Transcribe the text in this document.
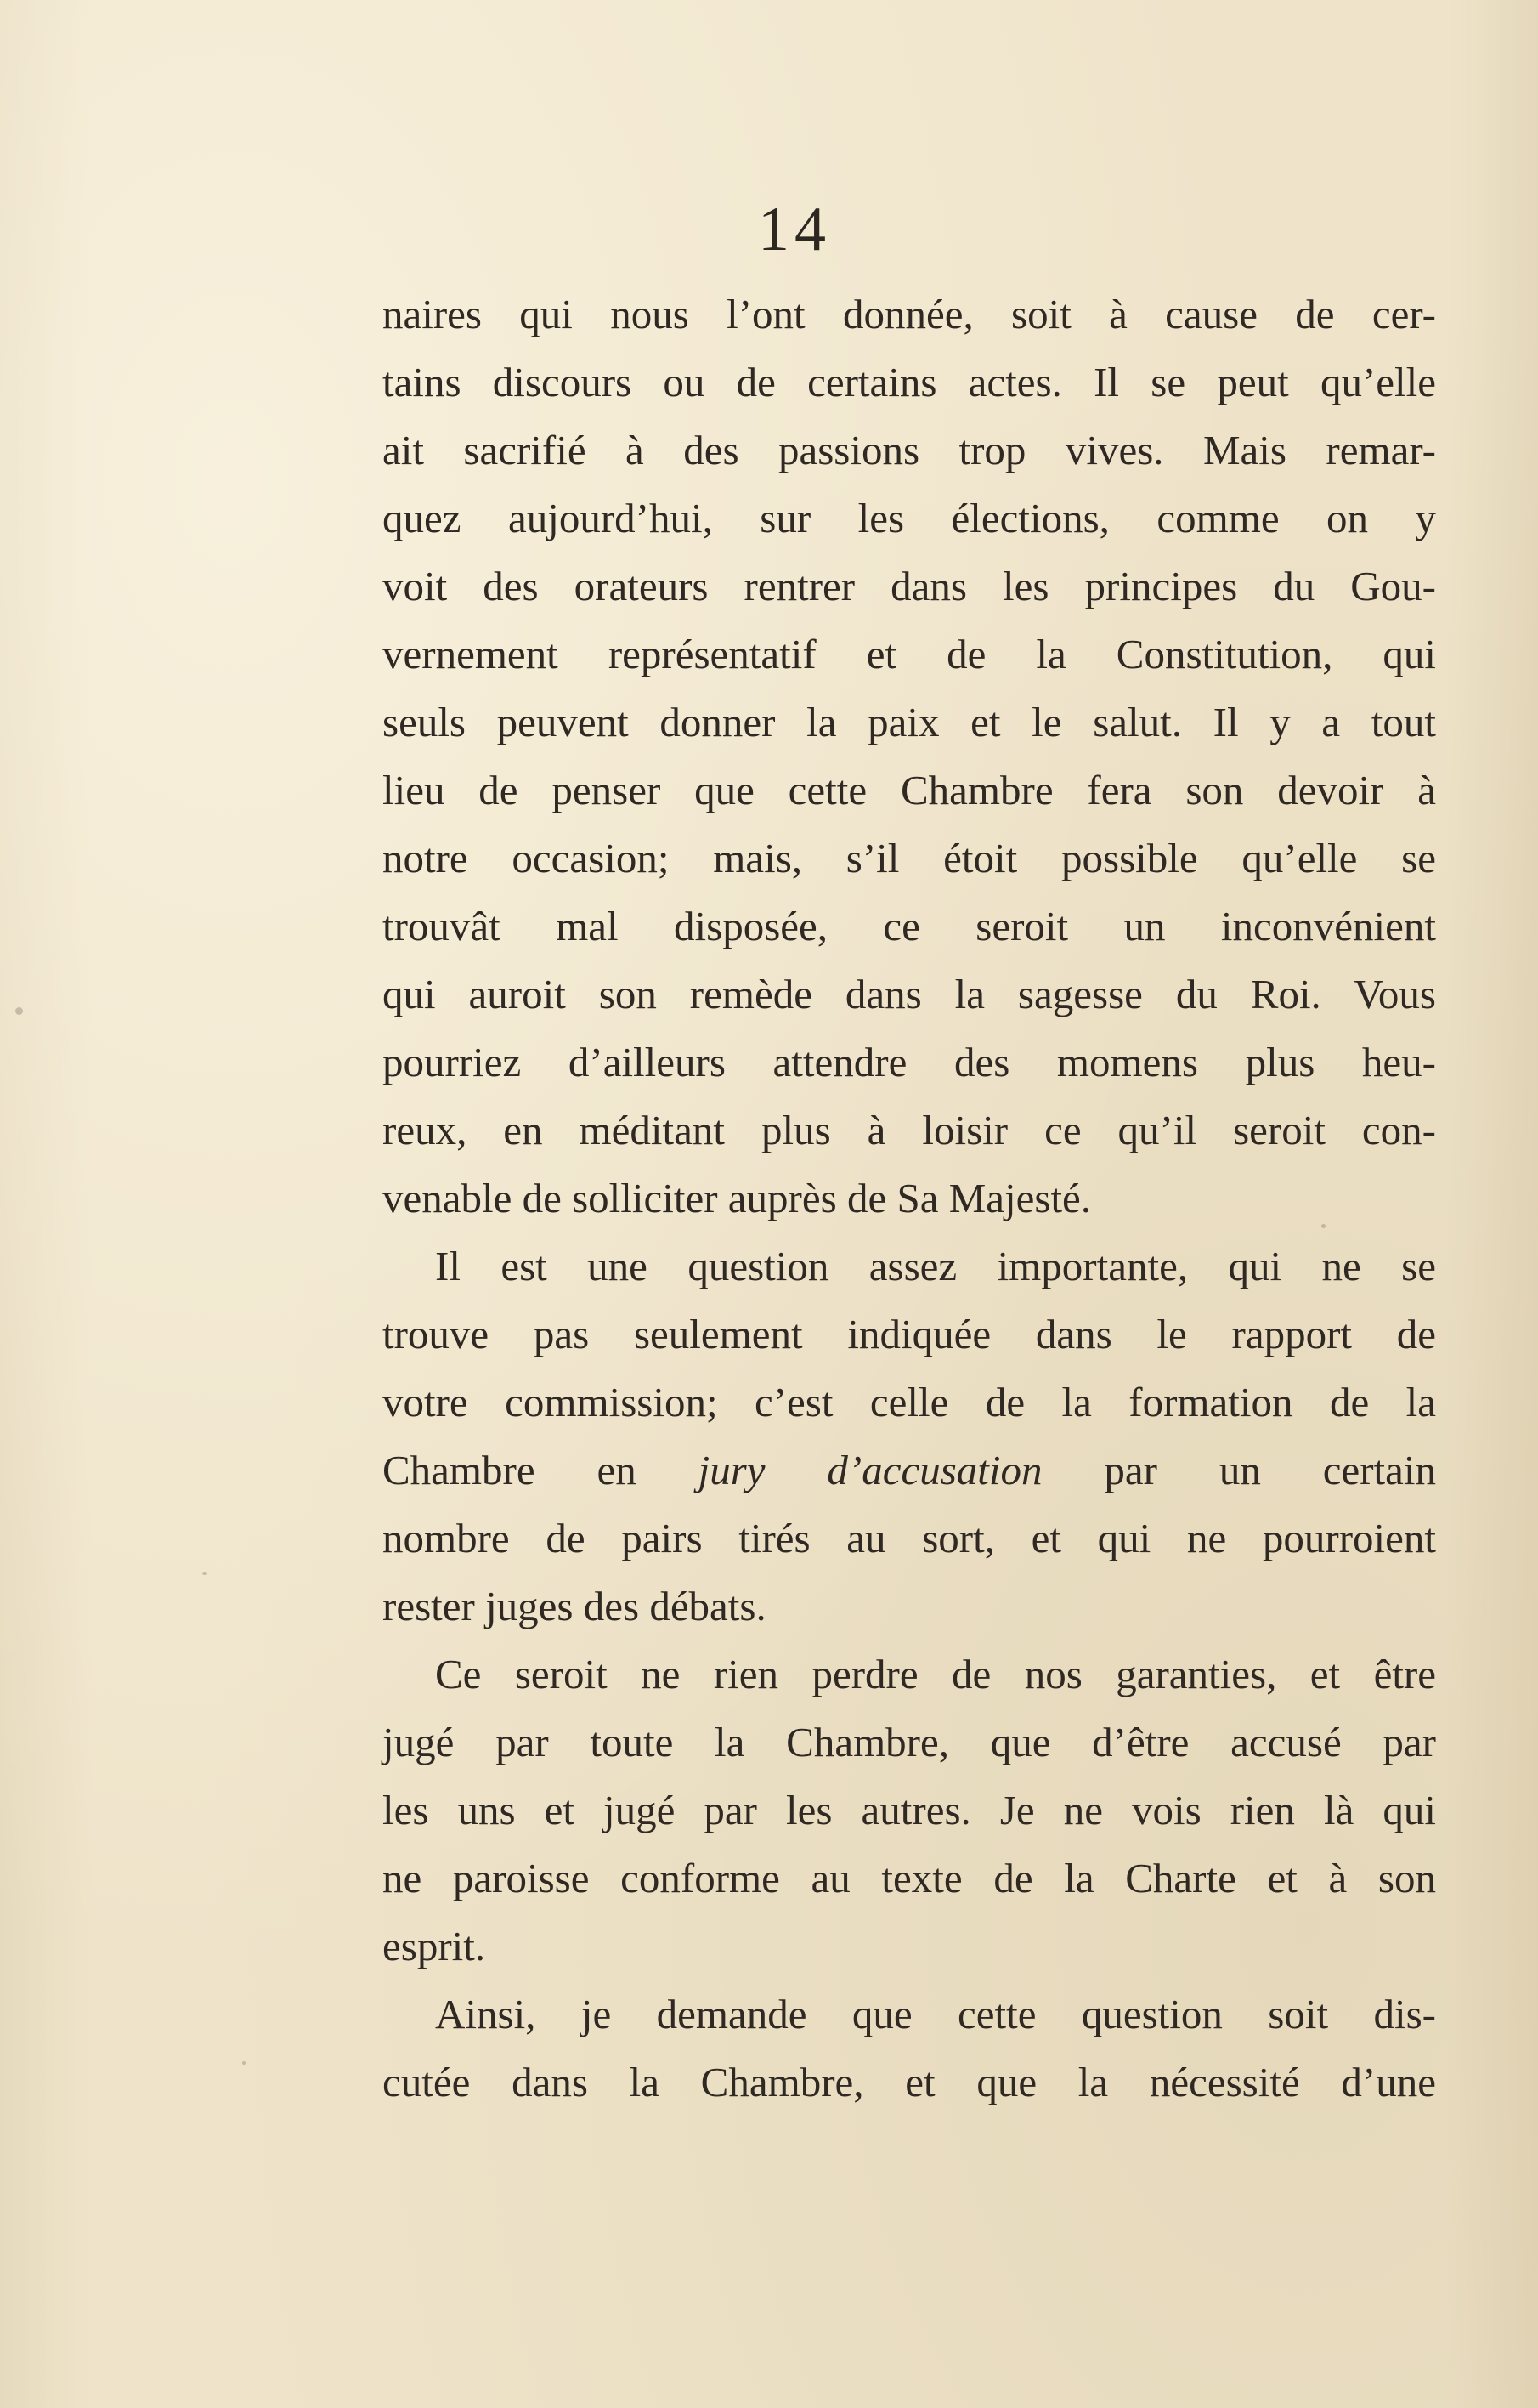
14
naires qui nous l’ont donnée, soit à cause de cer-
tains discours ou de certains actes. Il se peut qu’elle
ait sacrifié à des passions trop vives. Mais remar-
quez aujourd’hui, sur les élections, comme on y
voit des orateurs rentrer dans les principes du Gou-
vernement représentatif et de la Constitution, qui
seuls peuvent donner la paix et le salut. Il y a tout
lieu de penser que cette Chambre fera son devoir à
notre occasion; mais, s’il étoit possible qu’elle se
trouvât mal disposée, ce seroit un inconvénient
qui auroit son remède dans la sagesse du Roi. Vous
pourriez d’ailleurs attendre des momens plus heu-
reux, en méditant plus à loisir ce qu’il seroit con-
venable de solliciter auprès de Sa Majesté.
Il est une question assez importante, qui ne se
trouve pas seulement indiquée dans le rapport de
votre commission; c’est celle de la formation de la
Chambre en jury d’accusation par un certain
nombre de pairs tirés au sort, et qui ne pourroient
rester juges des débats.
Ce seroit ne rien perdre de nos garanties, et être
jugé par toute la Chambre, que d’être accusé par
les uns et jugé par les autres. Je ne vois rien là qui
ne paroisse conforme au texte de la Charte et à son
esprit.
Ainsi, je demande que cette question soit dis-
cutée dans la Chambre, et que la nécessité d’une
